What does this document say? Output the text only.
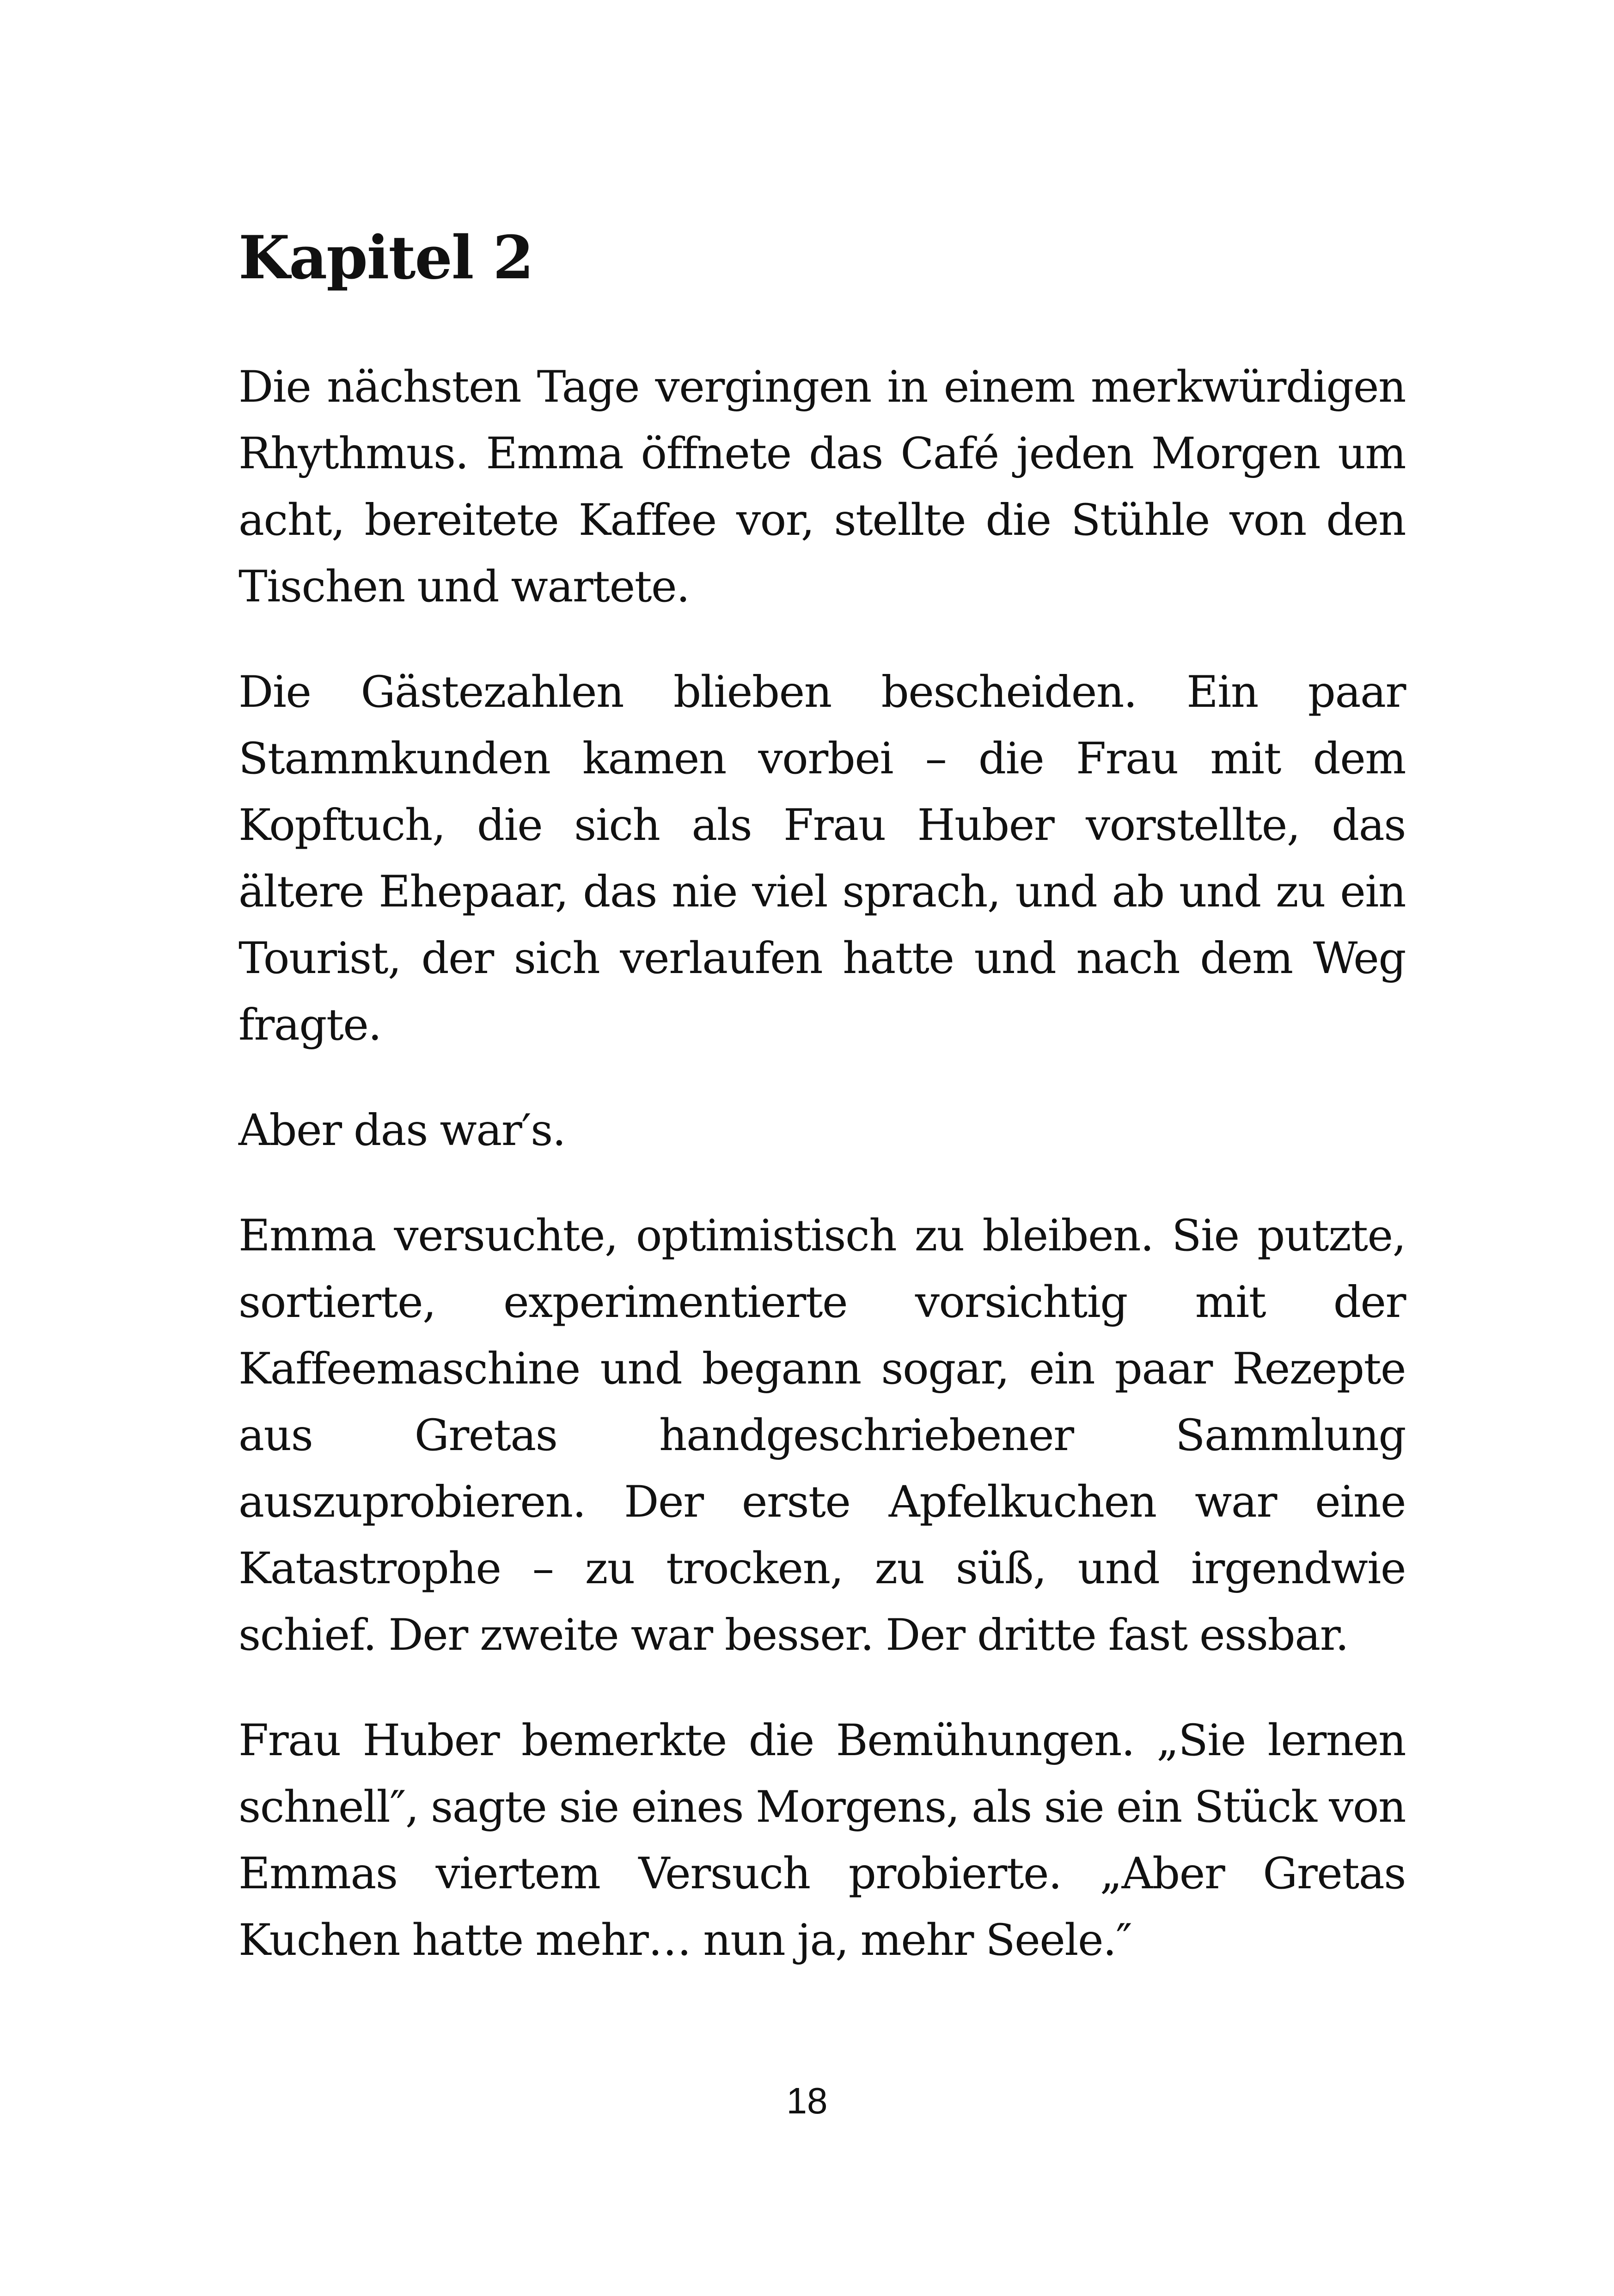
Kapitel 2

Die nächsten Tage vergingen in einem merkwürdigen Rhythmus. Emma öffnete das Café jeden Morgen um acht, bereitete Kaffee vor, stellte die Stühle von den Tischen und wartete.

Die Gästezahlen blieben bescheiden. Ein paar Stammkunden kamen vorbei – die Frau mit dem Kopftuch, die sich als Frau Huber vorstellte, das ältere Ehepaar, das nie viel sprach, und ab und zu ein Tourist, der sich verlaufen hatte und nach dem Weg fragte.

Aber das war′s.

Emma versuchte, optimistisch zu bleiben. Sie putzte, sortierte, experimentierte vorsichtig mit der Kaffeemaschine und begann sogar, ein paar Rezepte aus Gretas handgeschriebener Sammlung auszuprobieren. Der erste Apfelkuchen war eine Katastrophe – zu trocken, zu süß, und irgendwie schief. Der zweite war besser. Der dritte fast essbar.

Frau Huber bemerkte die Bemühungen. „Sie lernen schnell″, sagte sie eines Morgens, als sie ein Stück von Emmas viertem Versuch probierte. „Aber Gretas Kuchen hatte mehr… nun ja, mehr Seele.″

18
